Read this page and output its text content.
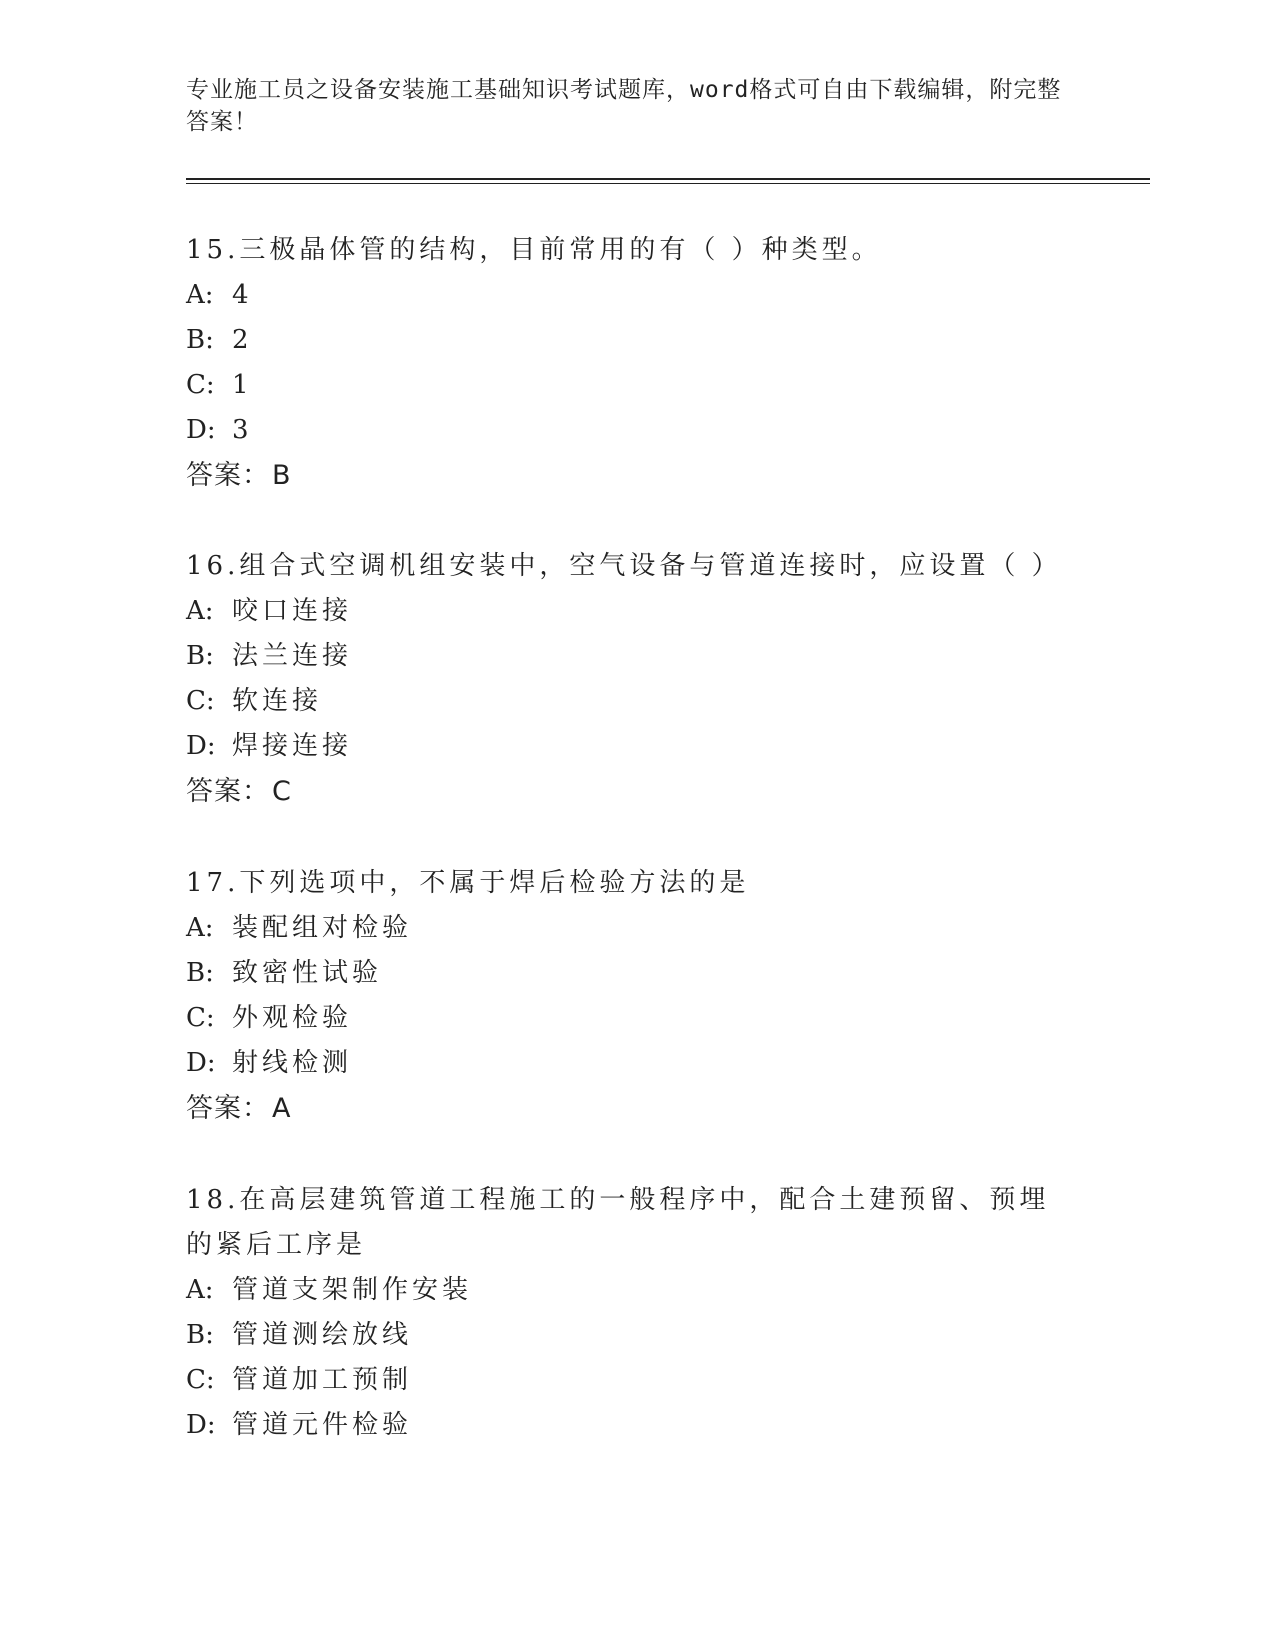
专业施工员之设备安装施工基础知识考试题库，word格式可自由下载编辑，附完整答案！
15.三极晶体管的结构，目前常用的有（ ）种类型。
A: 4
B: 2
C: 1
D: 3
答案：B
16.组合式空调机组安装中，空气设备与管道连接时，应设置（ ）
A: 咬口连接
B: 法兰连接
C: 软连接
D: 焊接连接
答案：C
17.下列选项中，不属于焊后检验方法的是
A: 装配组对检验
B: 致密性试验
C: 外观检验
D: 射线检测
答案：A
18.在高层建筑管道工程施工的一般程序中，配合土建预留、预埋的紧后工序是
A: 管道支架制作安装
B: 管道测绘放线
C: 管道加工预制
D: 管道元件检验
